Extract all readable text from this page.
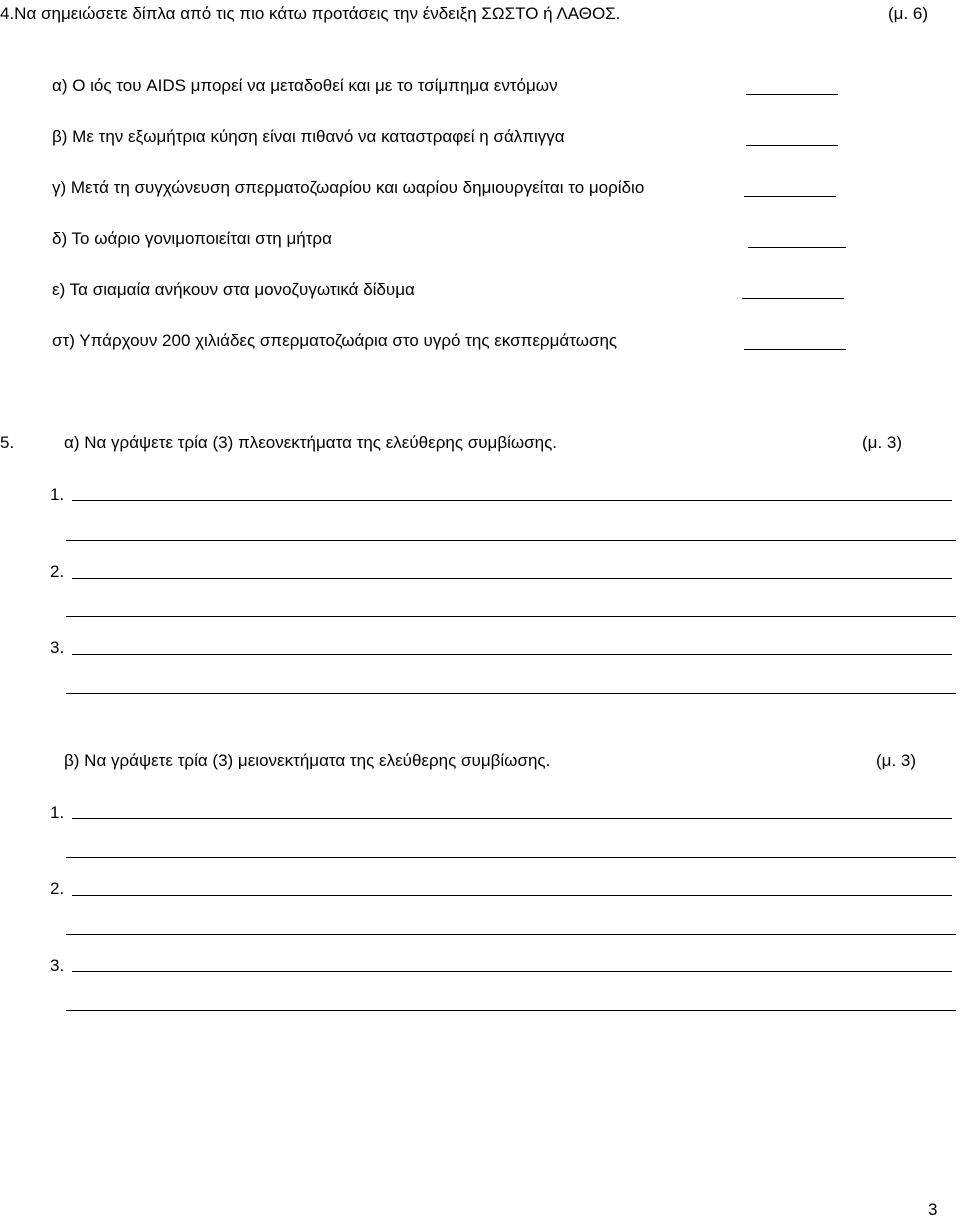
4.Να σημειώσετε δίπλα από τις πιο κάτω προτάσεις την ένδειξη ΣΩΣΤΟ ή ΛΑΘΟΣ.	(μ. 6)
α) Ο ιός του AIDS μπορεί να μεταδοθεί και με το τσίμπημα εντόμων
β) Με την εξωμήτρια κύηση είναι πιθανό να καταστραφεί η σάλπιγγα
γ) Μετά τη συγχώνευση σπερματοζωαρίου και ωαρίου δημιουργείται το μορίδιο
δ) Το ωάριο γονιμοποιείται στη μήτρα
ε) Τα σιαμαία ανήκουν στα μονοζυγωτικά δίδυμα
στ) Υπάρχουν 200 χιλιάδες σπερματοζωάρια στο υγρό της εκσπερμάτωσης
5.	α) Να γράψετε τρία (3) πλεονεκτήματα της ελεύθερης συμβίωσης.	(μ. 3)
1.
2.
3.
β) Να γράψετε τρία (3) μειονεκτήματα της ελεύθερης συμβίωσης.	(μ. 3)
1.
2.
3.
3
